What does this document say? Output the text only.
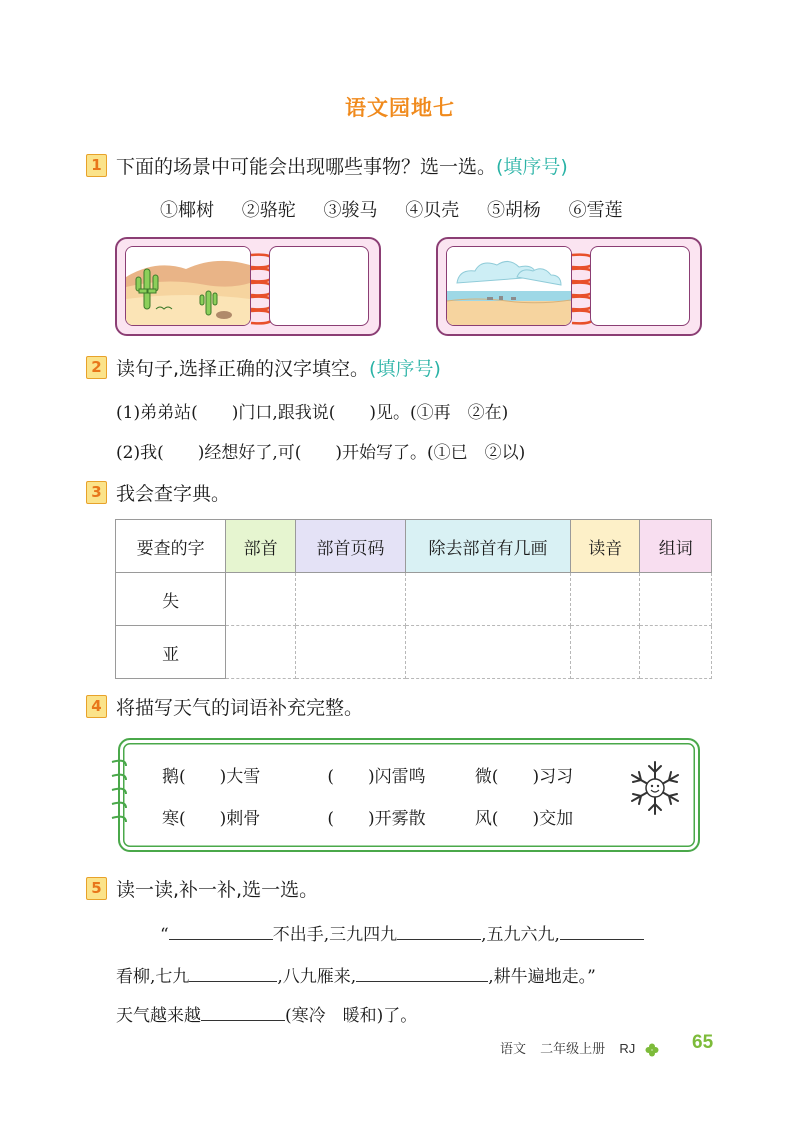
语文园地七
1 下面的场景中可能会出现哪些事物？选一选。(填序号)
①椰树 ②骆驼 ③骏马 ④贝壳 ⑤胡杨 ⑥雪莲
2 读句子,选择正确的汉字填空。(填序号)
(1)弟弟站(　　)门口,跟我说(　　)见。(①再　②在)
(2)我(　　)经想好了,可(　　)开始写了。(①已　②以)
3 我会查字典。
要查的字	部首	部首页码	除去部首有几画	读音	组词
失					
亚					
4 将描写天气的词语补充完整。
鹅(　　)大雪	(　　)闪雷鸣	微(　　)习习
寒(　　)刺骨	(　　)开雾散	风(　　)交加
5 读一读,补一补,选一选。
“	不出手,三九四九	,五九六九,
看柳,七九	,八九雁来,	,耕牛遍地走。”
天气越来越	(寒冷　暖和)了。
语文 二年级上册 RJ	65
